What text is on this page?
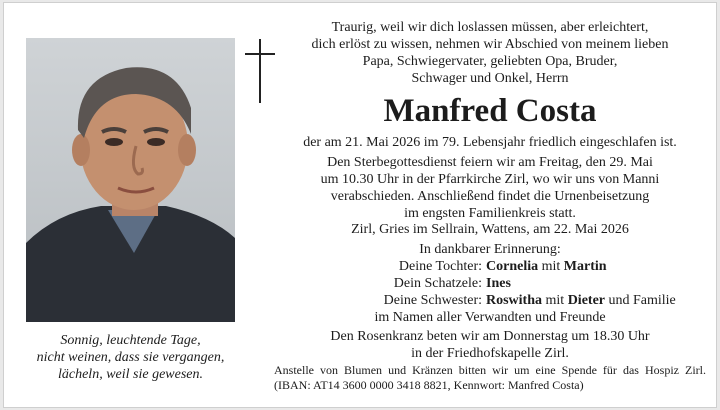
Sonnig, leuchtende Tage,
nicht weinen, dass sie vergangen,
lächeln, weil sie gewesen.
Traurig, weil wir dich loslassen müssen, aber erleichtert,
dich erlöst zu wissen, nehmen wir Abschied von meinem lieben
Papa, Schwiegervater, geliebten Opa, Bruder,
Schwager und Onkel, Herrn
Manfred Costa
der am 21. Mai 2026 im 79. Lebensjahr friedlich eingeschlafen ist.
Den Sterbegottesdienst feiern wir am Freitag, den 29. Mai
um 10.30 Uhr in der Pfarrkirche Zirl, wo wir uns von Manni
verabschieden. Anschließend findet die Urnenbeisetzung
im engsten Familienkreis statt.
Zirl, Gries im Sellrain, Wattens, am 22. Mai 2026
In dankbarer Erinnerung:
Deine Tochter: Cornelia mit Martin
Dein Schatzele: Ines
Deine Schwester: Roswitha mit Dieter und Familie
im Namen aller Verwandten und Freunde
Den Rosenkranz beten wir am Donnerstag um 18.30 Uhr
in der Friedhofskapelle Zirl.
Anstelle von Blumen und Kränzen bitten wir um eine Spende für das Hospiz Zirl. (IBAN: AT14 3600 0000 3418 8821, Kennwort: Manfred Costa)
